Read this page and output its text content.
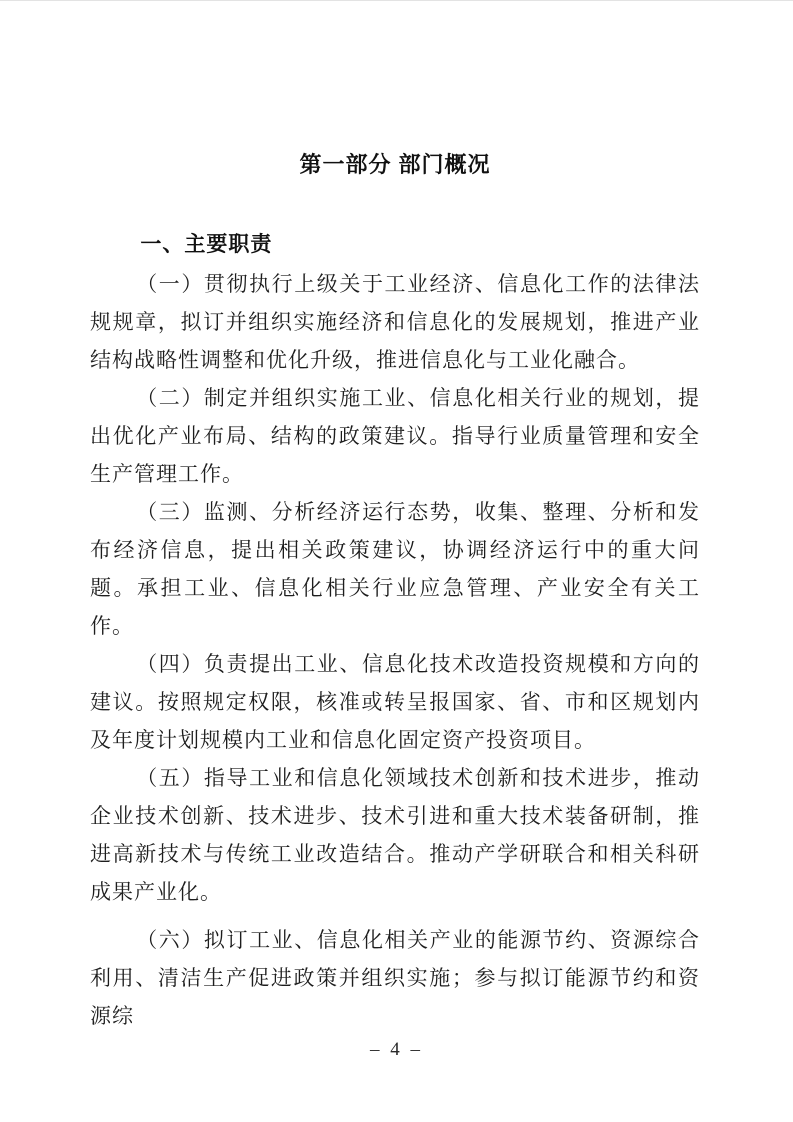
第一部分 部门概况
一、主要职责

（一）贯彻执行上级关于工业经济、信息化工作的法律法规规章，拟订并组织实施经济和信息化的发展规划，推进产业结构战略性调整和优化升级，推进信息化与工业化融合。

（二）制定并组织实施工业、信息化相关行业的规划，提出优化产业布局、结构的政策建议。指导行业质量管理和安全生产管理工作。

（三）监测、分析经济运行态势，收集、整理、分析和发布经济信息，提出相关政策建议，协调经济运行中的重大问题。承担工业、信息化相关行业应急管理、产业安全有关工作。

（四）负责提出工业、信息化技术改造投资规模和方向的建议。按照规定权限，核准或转呈报国家、省、市和区规划内及年度计划规模内工业和信息化固定资产投资项目。

（五）指导工业和信息化领域技术创新和技术进步，推动企业技术创新、技术进步、技术引进和重大技术装备研制，推进高新技术与传统工业改造结合。推动产学研联合和相关科研成果产业化。

（六）拟订工业、信息化相关产业的能源节约、资源综合利用、清洁生产促进政策并组织实施；参与拟订能源节约和资源综

– 4 –
